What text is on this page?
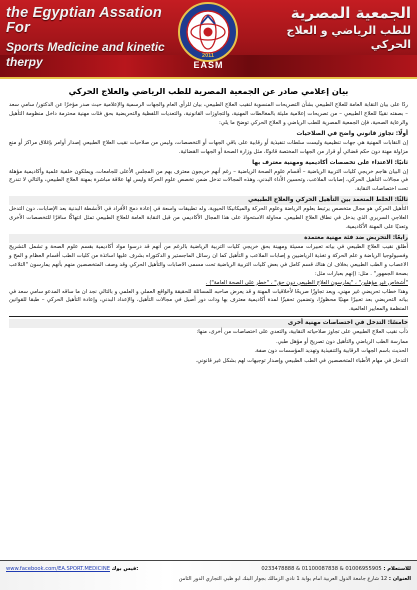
the Egyptian Assation For
Sports Medicine and kinetic therpy	2011
EASM
الجمعية المصرية
للطب الرياضي و العلاج الحركي
بيان إعلامي صادر عن الجمعية المصرية للطب الرياضي والعلاج الحركي

ردًا على بيان النقابة العامة للعلاج الطبيعي بشأن التصريحات المنسوبة لنقيب العلاج الطبيعي، بيان للرأي العام والجهات الرسمية والإعلامية حيث صدر مؤخرًا عن الدكتور/ سامي سعد – بصفته نقيبًا للعلاج الطبيعي – من تصريحات إعلامية مليئة بالمغالطات المهنية، والتجاوزات القانونية، والتعديات اللفظية والتحريضية بحق فئات مهنية محترمة داخل منظومة التأهيل والرعاية الصحية، فإن الجمعية المصرية للطب الرياضي و العلاج الحركي توضح ما يلي:

أولًا: تجاوز قانوني واضح في الصلاحيات

إن النقابات المهنية هي جهات تنظيمية وليست سلطات تنفيذية أو رقابية على باقي الجهات أو التخصصات، وليس من صلاحيات نقيب العلاج الطبيعي إصدار أوامر بإغلاق مراكز أو منع مزاولة مهنة دون حكم قضائي أو قرار من الجهات المختصة قانونًا، مثل وزارة الصحة أو الجهات القضائية.

ثانيًا: الاعتداء على تخصصات أكاديمية ومهنية معترف بها

إن البيان هاجم خريجي كليات التربية الرياضية – أقسام علوم الصحة الرياضية – رغم أنهم خريجون معترف بهم من المجلس الأعلى للجامعات، ويملكون خلفية علمية وأكاديمية مؤهلة في مجالات التأهيل الحركي، إصابات الملاعب، وتحسين الأداء البدني، وهذه المجالات تدخل ضمن تخصص علوم الحركة وليس لها علاقة مباشرة بمهنة العلاج الطبيعي، والتالي لا تندرج تحت اختصاصات النقابة.

ثالثًا: الخلط المتعمد بين التأهيل الحركي والعلاج الطبيعي

التأهيل الحركي هو مجال متخصص يرتبط بعلوم الرياضة وعلوم الحركة والميكانيكا الحيوية، وله تطبيقات واسعة في إعادة دمج الأفراد في الأنشطة البدنية بعد الإصابات، دون التدخل العلاجي السريري الذي يدخل في نطاق العلاج الطبيعي. محاولة الاستحواذ على هذا المجال الأكاديمي من قبل النقابة العامة للعلاج الطبيعي تمثل انتهاكًا سافرًا للتخصصات الأخرى وتعديًا على المهنة الأكاديمية.

رابعًا: التحريض ضد فئة مهنية معتمدة

أطلق نقيب العلاج الطبيعي في بيانه تعبيرات مسيئة ومهينة بحق خريجي كليات التربية الرياضية بالرغم من أنهم قد درسوا مواد أكاديمية بقسم علوم الصحة و تشمل التشريح وفسيولوجيا الرياضة و علم الحركة و تغذية الرياضيين و إصابات الملاعب و التأهيل كما ان رسائل الماجستير و الدكتوراه بشرف عليها اساتذة من كليات الطب أقسام العظام و المخ و الاعصاب و الطب الطبيعي بخلاف ان هناك قسم كامل في بعض كليات التربية الرياضية تحت مسمى الاصابات والتأهيل الحركي وقد وصف المتخصصين منهم بأنهم يمارسون "التلاعب بصحة الجمهور" . مثل: (إنهم بعبارات مثل:

"أشخاص غير مؤهلين" ، "يمارسون العلاج الطبيعي دون حق" ، "خطر على الصحة العامة") .

وهذا خطاب تحريضي غير مهني، ويعد تجاوزًا صريحًا لأخلاقيات المهنة و قد يعرض صاحبه للمسائلة للحقيقة والواقع العملي و العلمي و بالتالي نجد ان ما ساقه المدعو سامي سعد في بيانه التحريضي بعد تعبيرًا مهنيًا محظورًا، وتضمين تحفيزًا لمدة أكاديمية معترف بها ودات دور أصيل في مجالات التأهيل، والإعداد البدني، وإعادة التأهيل الحركي – طبقا للقوانين المنظمة والمعايير العالمية.

خامسًا: التدخل في اختصاصات مهنية أخرى
ذأب نقيب العلاج الطبيعي على تجاوز صلاحياته النقابية، والتعدي على اختصاصات من أخرى، منها:
ممارسة الطب الرياضي والتأهيل دون تصريح أو مؤهل طبي.
الحديث باسم الجهات الرقابية والتنفيذية وتهديد المؤسسات دون صفة.
التدخل في مهام الأطباء المتخصصين في الطب الطبيعي وإصدار توجيهات لهم بشكل غير قانوني.
للاستعلام : 01006955905 & 01100087838 & 0233478888
www.facebook.com/EA.SPORT.MEDICINE فيس بوك:
العنوان : 12 شارع جامعة الدول العربية امام بوابة 1 نادي الزمالك بجوار البنك ابو ظبي التجاري الدور الثامن
